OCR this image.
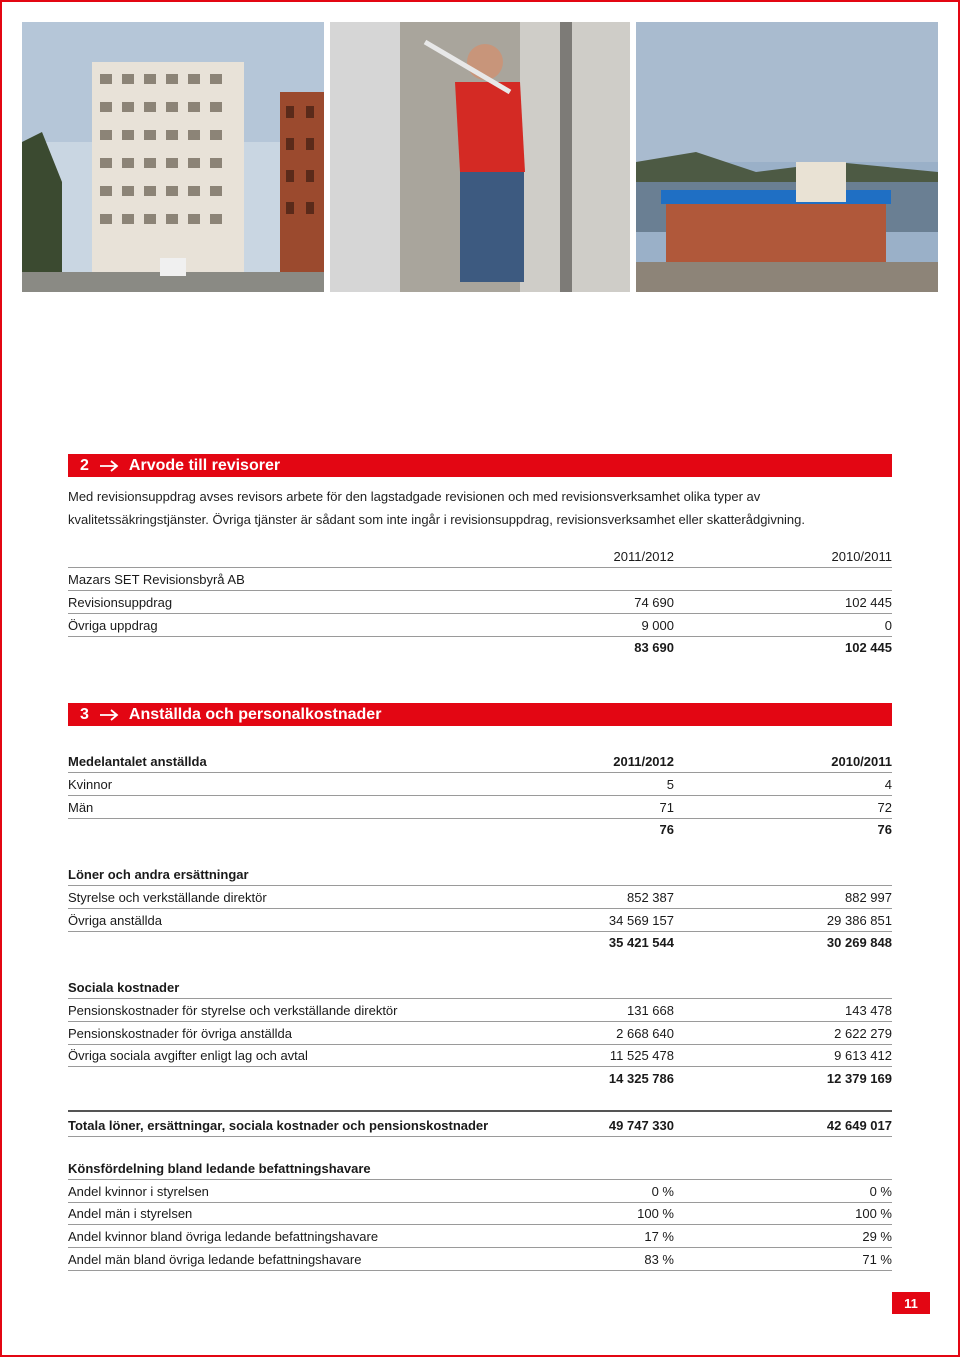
2	Arvode till revisorer
Med revisionsuppdrag avses revisors arbete för den lagstadgade revisionen och med revisionsverksamhet olika typer av
kvalitetssäkringstjänster. Övriga tjänster är sådant som inte ingår i revisionsuppdrag, revisionsverksamhet eller skatterådgivning.
2011/2012	2010/2011
Mazars SET Revisionsbyrå AB
Revisionsuppdrag	74 690	102 445
Övriga uppdrag	9 000	0
83 690	102 445
3	Anställda och personalkostnader
Medelantalet anställda	2011/2012	2010/2011
Kvinnor	5	4
Män	71	72
76	76
Löner och andra ersättningar
Styrelse och verkställande direktör	852 387	882 997
Övriga anställda	34 569 157	29 386 851
35 421 544	30 269 848
Sociala kostnader
Pensionskostnader för styrelse och verkställande direktör	131 668	143 478
Pensionskostnader för övriga anställda	2 668 640	2 622 279
Övriga sociala avgifter enligt lag och avtal	11 525 478	9 613 412
14 325 786	12 379 169
Totala löner, ersättningar, sociala kostnader och pensionskostnader	49 747 330	42 649 017
Könsfördelning bland ledande befattningshavare
Andel kvinnor i styrelsen	0 %	0 %
Andel män i styrelsen	100 %	100 %
Andel kvinnor bland övriga ledande befattningshavare	17 %	29 %
Andel män bland övriga ledande befattningshavare	83 %	71 %
11
